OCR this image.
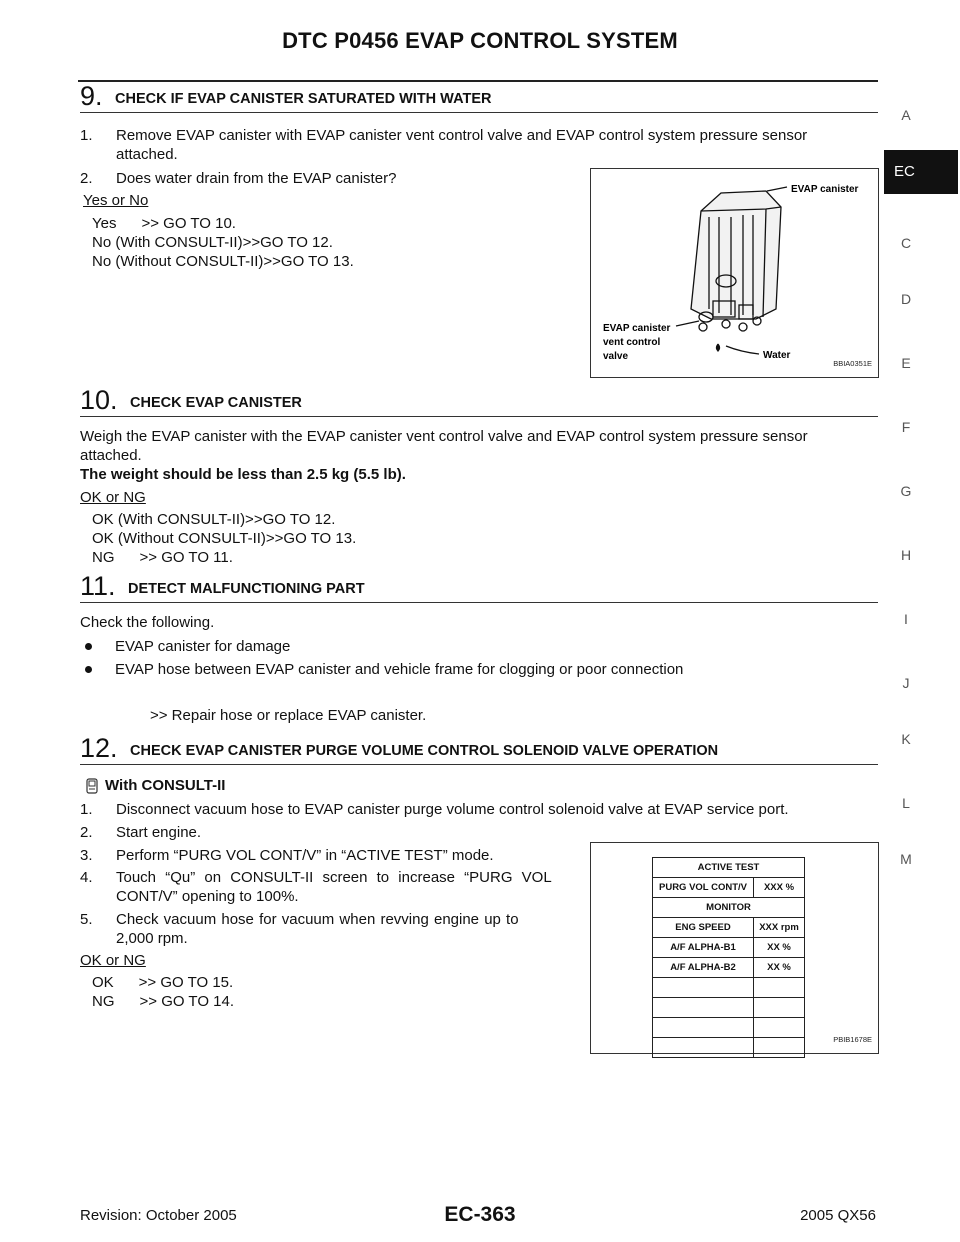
DTC P0456 EVAP CONTROL SYSTEM
A
EC
C
D
E
F
G
H
I
J
K
L
M
9. CHECK IF EVAP CANISTER SATURATED WITH WATER
1. Remove EVAP canister with EVAP canister vent control valve and EVAP control system pressure sensor
attached.
2. Does water drain from the EVAP canister?
Yes or No
Yes      >> GO TO 10.
No (With CONSULT-II)>>GO TO 12.
No (Without CONSULT-II)>>GO TO 13.
EVAP canister
EVAP canister
vent control
valve	Water
BBIA0351E
10. CHECK EVAP CANISTER
Weigh the EVAP canister with the EVAP canister vent control valve and EVAP control system pressure sensor
attached.
The weight should be less than 2.5 kg (5.5 lb).
OK or NG
OK (With CONSULT-II)>>GO TO 12.
OK (Without CONSULT-II)>>GO TO 13.
NG      >> GO TO 11.
11. DETECT MALFUNCTIONING PART
Check the following.
EVAP canister for damage
EVAP hose between EVAP canister and vehicle frame for clogging or poor connection
>> Repair hose or replace EVAP canister.
12. CHECK EVAP CANISTER PURGE VOLUME CONTROL SOLENOID VALVE OPERATION
With CONSULT-II
1. Disconnect vacuum hose to EVAP canister purge volume control solenoid valve at EVAP service port.
2. Start engine.
3. Perform “PURG VOL CONT/V” in “ACTIVE TEST” mode.
4. Touch “Qu” on CONSULT-II screen to increase “PURG VOL
CONT/V” opening to 100%.
5. Check vacuum hose for vacuum when revving engine up to
2,000 rpm.
OK or NG
OK      >> GO TO 15.
NG      >> GO TO 14.
ACTIVE TEST	
PURG VOL CONT/V	XXX %
MONITOR	
ENG SPEED	XXX rpm
A/F ALPHA-B1	XX %
A/F ALPHA-B2	XX %

PBIB1678E
Revision: October 2005	EC-363	2005 QX56
